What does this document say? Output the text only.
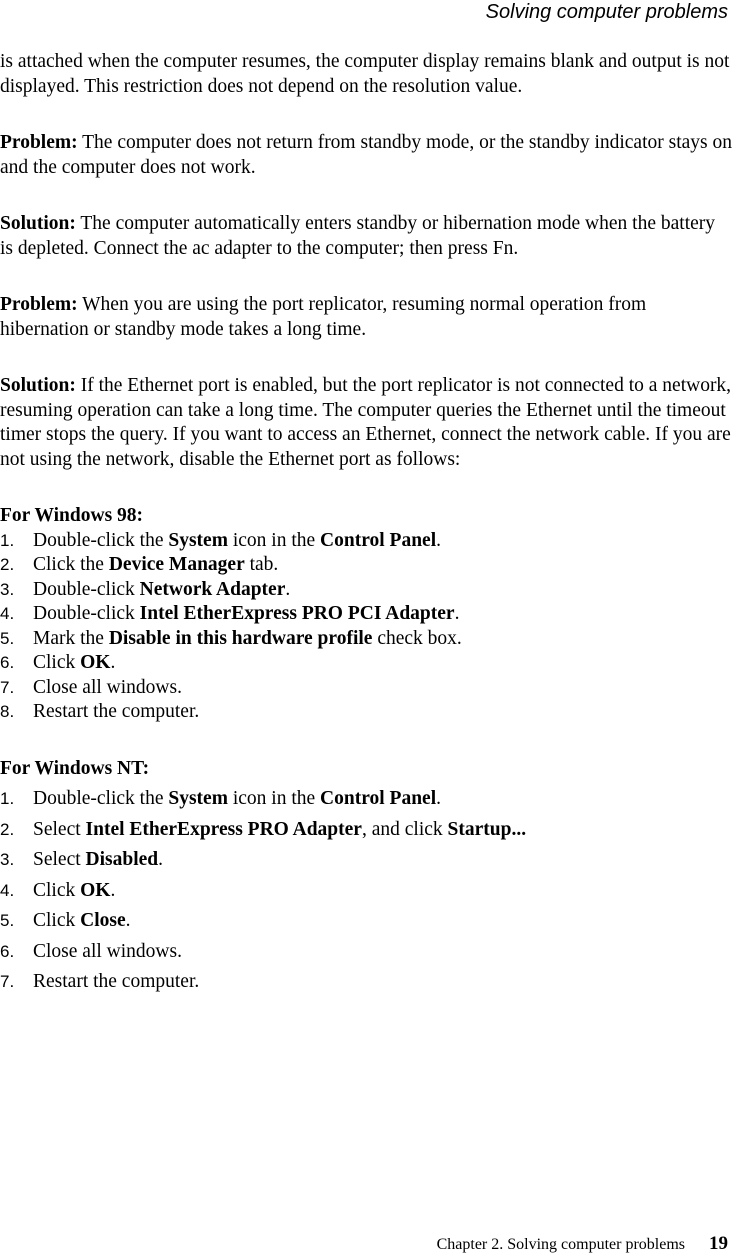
Solving computer problems

is attached when the computer resumes, the computer display remains blank and output is not displayed. This restriction does not depend on the resolution value.

Problem: The computer does not return from standby mode, or the standby indicator stays on and the computer does not work.

Solution: The computer automatically enters standby or hibernation mode when the battery is depleted. Connect the ac adapter to the computer; then press Fn.

Problem: When you are using the port replicator, resuming normal operation from hibernation or standby mode takes a long time.

Solution: If the Ethernet port is enabled, but the port replicator is not connected to a network, resuming operation can take a long time. The computer queries the Ethernet until the timeout timer stops the query. If you want to access an Ethernet, connect the network cable. If you are not using the network, disable the Ethernet port as follows:

For Windows 98:
1. Double-click the System icon in the Control Panel.
2. Click the Device Manager tab.
3. Double-click Network Adapter.
4. Double-click Intel EtherExpress PRO PCI Adapter.
5. Mark the Disable in this hardware profile check box.
6. Click OK.
7. Close all windows.
8. Restart the computer.
For Windows NT:
1. Double-click the System icon in the Control Panel.
2. Select Intel EtherExpress PRO Adapter, and click Startup...
3. Select Disabled.
4. Click OK.
5. Click Close.
6. Close all windows.
7. Restart the computer.
Chapter 2. Solving computer problems 19
